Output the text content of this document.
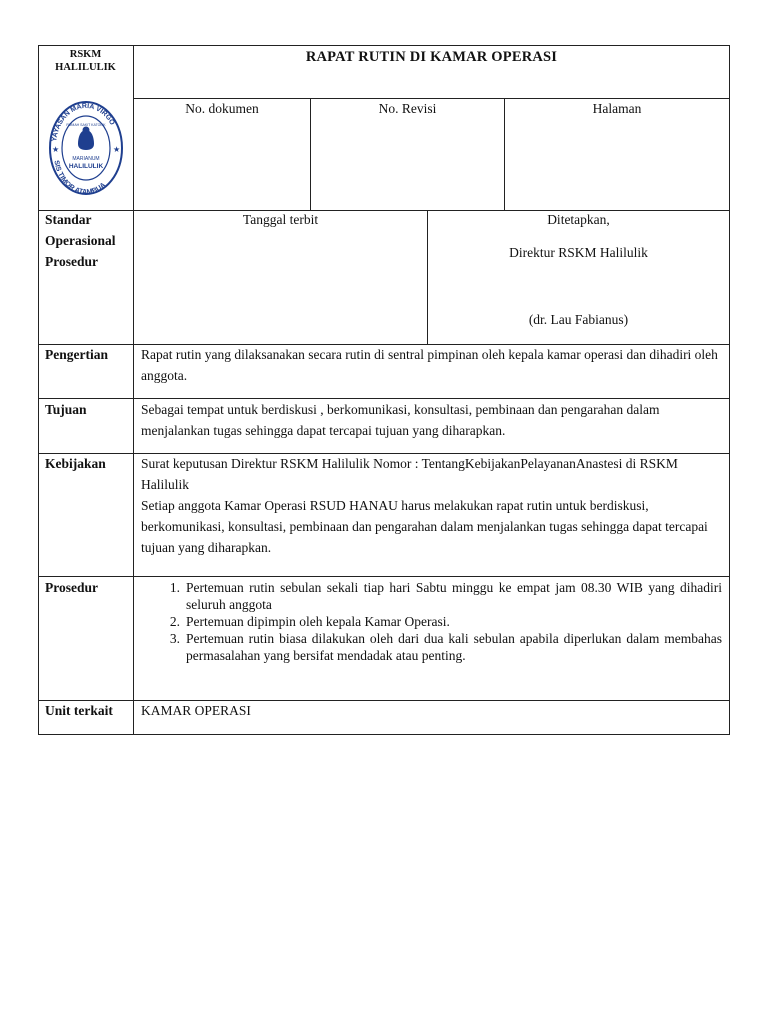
RSKM
HALILULIK
YAYASAN MARIA VIRGO
SIS TIMOR ATAMBUA
RUMAH SAKIT KATOLIK
MARIANUM
HALILULIK
★	★
RAPAT RUTIN DI KAMAR OPERASI
No. dokumen	No. Revisi	Halaman
Standar
Operasional
Prosedur
Tanggal terbit	Ditetapkan,
Direktur RSKM Halilulik
(dr. Lau Fabianus)
Pengertian	Rapat rutin yang dilaksanakan secara rutin di sentral pimpinan oleh kepala kamar operasi dan dihadiri oleh anggota.
Tujuan	Sebagai tempat untuk berdiskusi , berkomunikasi, konsultasi, pembinaan dan pengarahan dalam menjalankan tugas sehingga dapat tercapai tujuan yang diharapkan.
Kebijakan	Surat keputusan Direktur RSKM Halilulik Nomor : TentangKebijakanPelayananAnastesi di RSKM Halilulik
Setiap anggota Kamar Operasi RSUD HANAU harus melakukan rapat rutin untuk berdiskusi, berkomunikasi, konsultasi, pembinaan dan pengarahan dalam menjalankan tugas sehingga dapat tercapai tujuan yang diharapkan.
Prosedur	1. Pertemuan rutin sebulan sekali tiap hari Sabtu minggu ke empat jam 08.30 WIB yang dihadiri seluruh anggota
2. Pertemuan dipimpin oleh kepala Kamar Operasi.
3. Pertemuan rutin biasa dilakukan oleh dari dua kali sebulan apabila diperlukan dalam membahas permasalahan yang bersifat mendadak atau penting.
Unit terkait	KAMAR OPERASI
